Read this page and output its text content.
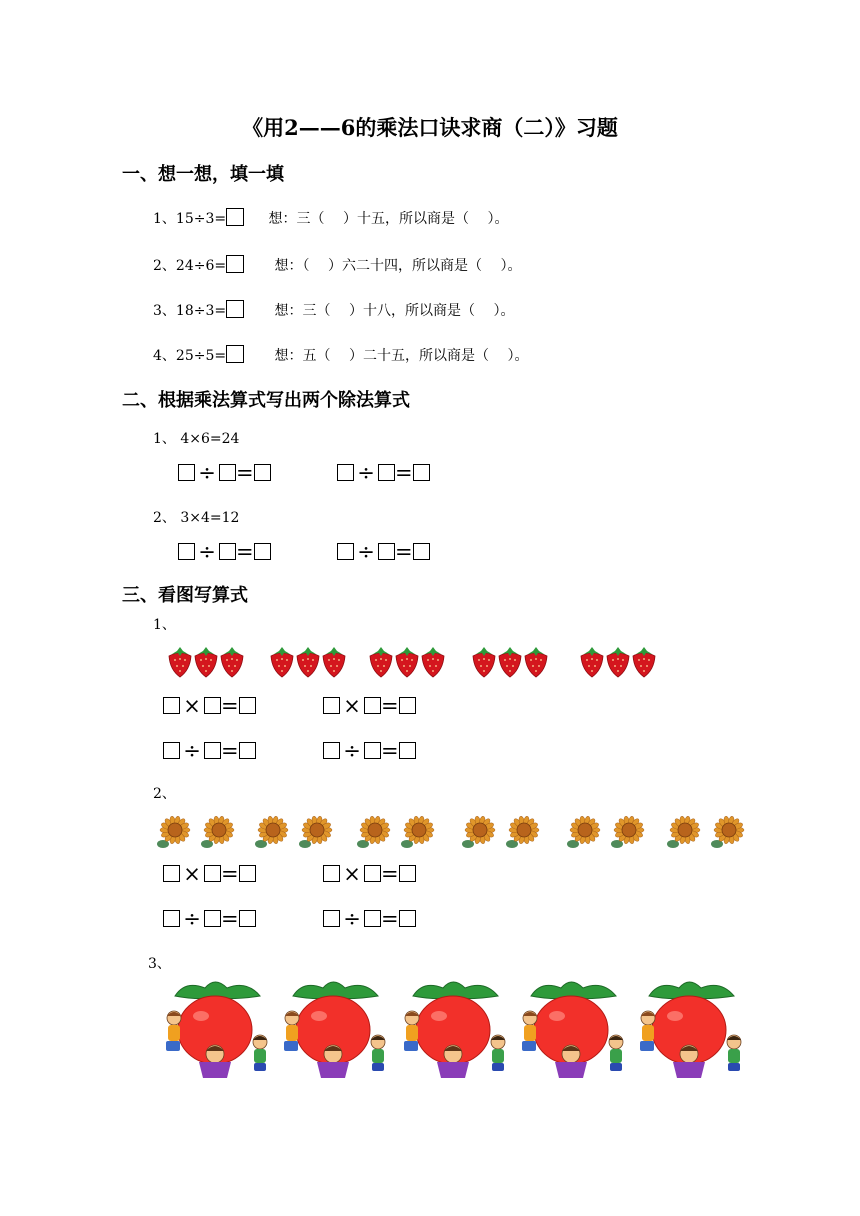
《用2——6的乘法口诀求商（二）》习题
一、想一想，填一填
1、15÷3=	想：三（　 ）十五，所以商是（　 ）。
2、24÷6=	想：（　 ）六二十四，所以商是（　 ）。
3、18÷3=	想：三（　 ）十八，所以商是（　 ）。
4、25÷5=	想：五（　 ）二十五，所以商是（　 ）。
二、根据乘法算式写出两个除法算式
1、 4×6=24
÷ =	÷ =
2、 3×4=12
÷ =	÷ =
三、看图写算式
1、
× =	× =
÷ =	÷ =
2、
× =	× =
÷ =	÷ =
3、
